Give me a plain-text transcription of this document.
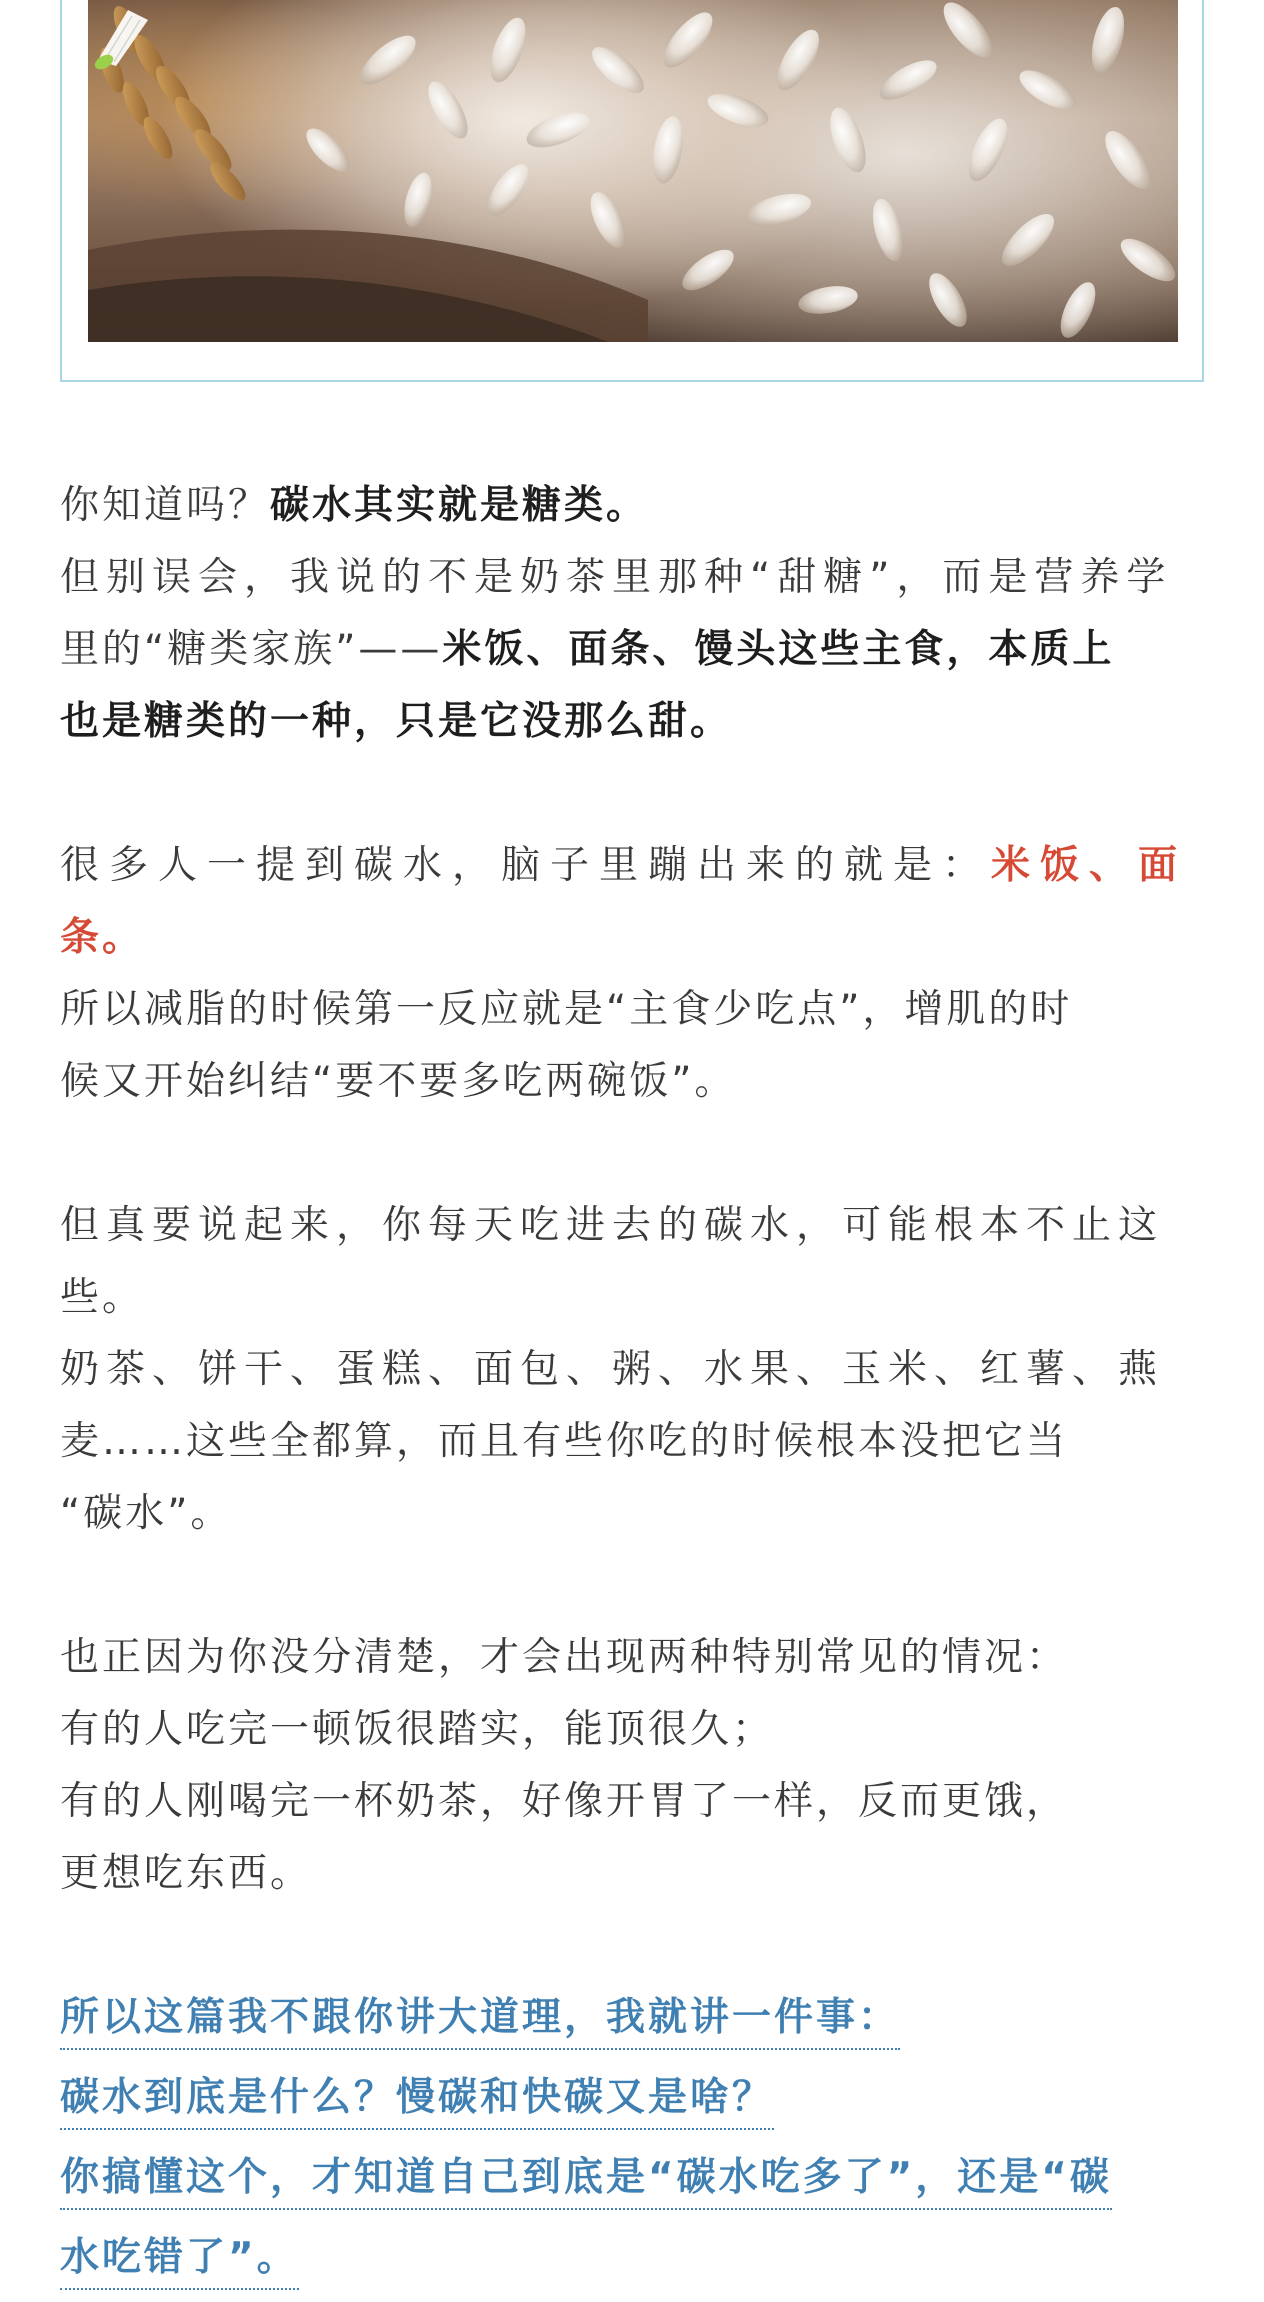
你知道吗？碳水其实就是糖类。
但别误会，我说的不是奶茶里那种“甜糖”，而是营养学
里的“糖类家族”——米饭、面条、馒头这些主食，本质上
也是糖类的一种，只是它没那么甜。

很多人一提到碳水，脑子里蹦出来的就是：米饭、面
条。
所以减脂的时候第一反应就是“主食少吃点”，增肌的时
候又开始纠结“要不要多吃两碗饭”。

但真要说起来，你每天吃进去的碳水，可能根本不止这
些。
奶茶、饼干、蛋糕、面包、粥、水果、玉米、红薯、燕
麦……这些全都算，而且有些你吃的时候根本没把它当
“碳水”。

也正因为你没分清楚，才会出现两种特别常见的情况：
有的人吃完一顿饭很踏实，能顶很久；
有的人刚喝完一杯奶茶，好像开胃了一样，反而更饿，
更想吃东西。

所以这篇我不跟你讲大道理，我就讲一件事：
碳水到底是什么？慢碳和快碳又是啥？
你搞懂这个，才知道自己到底是“碳水吃多了”，还是“碳
水吃错了”。
